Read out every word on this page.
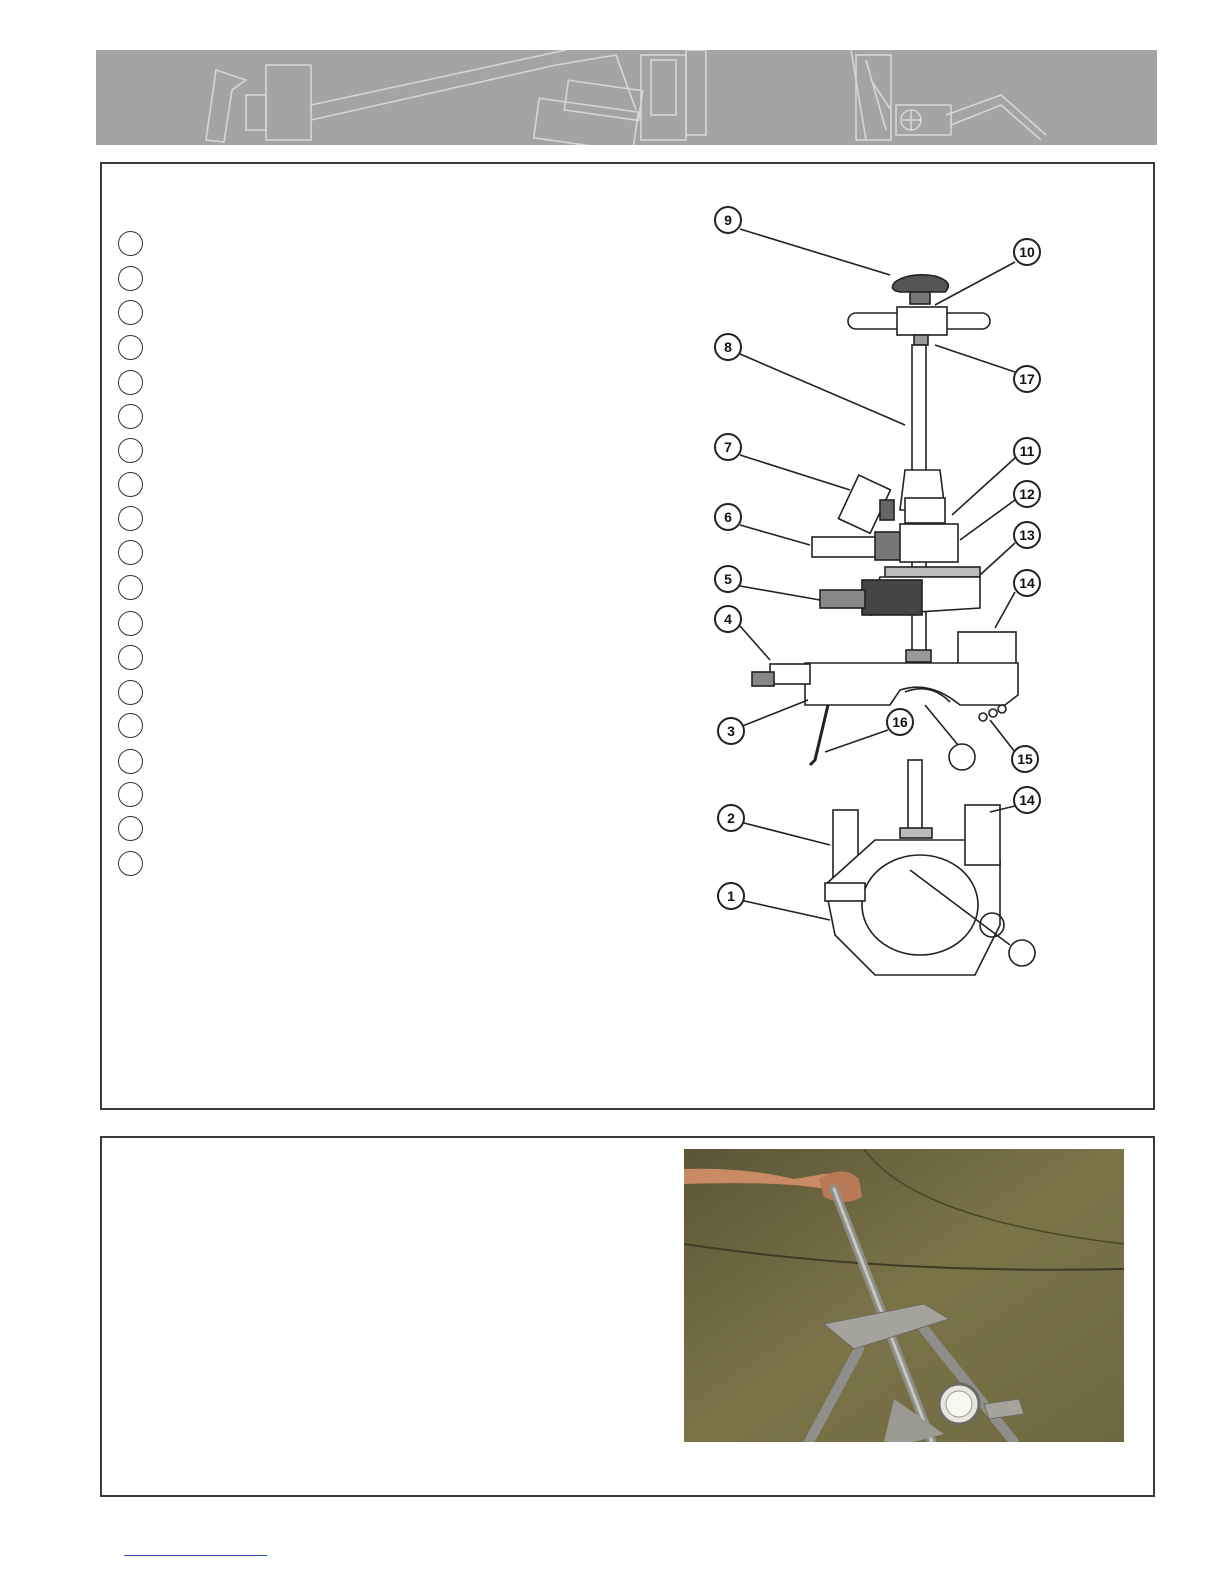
9
10
8
17
7	11
6
12
13
5	14
4
3
16
15
2
14
1
